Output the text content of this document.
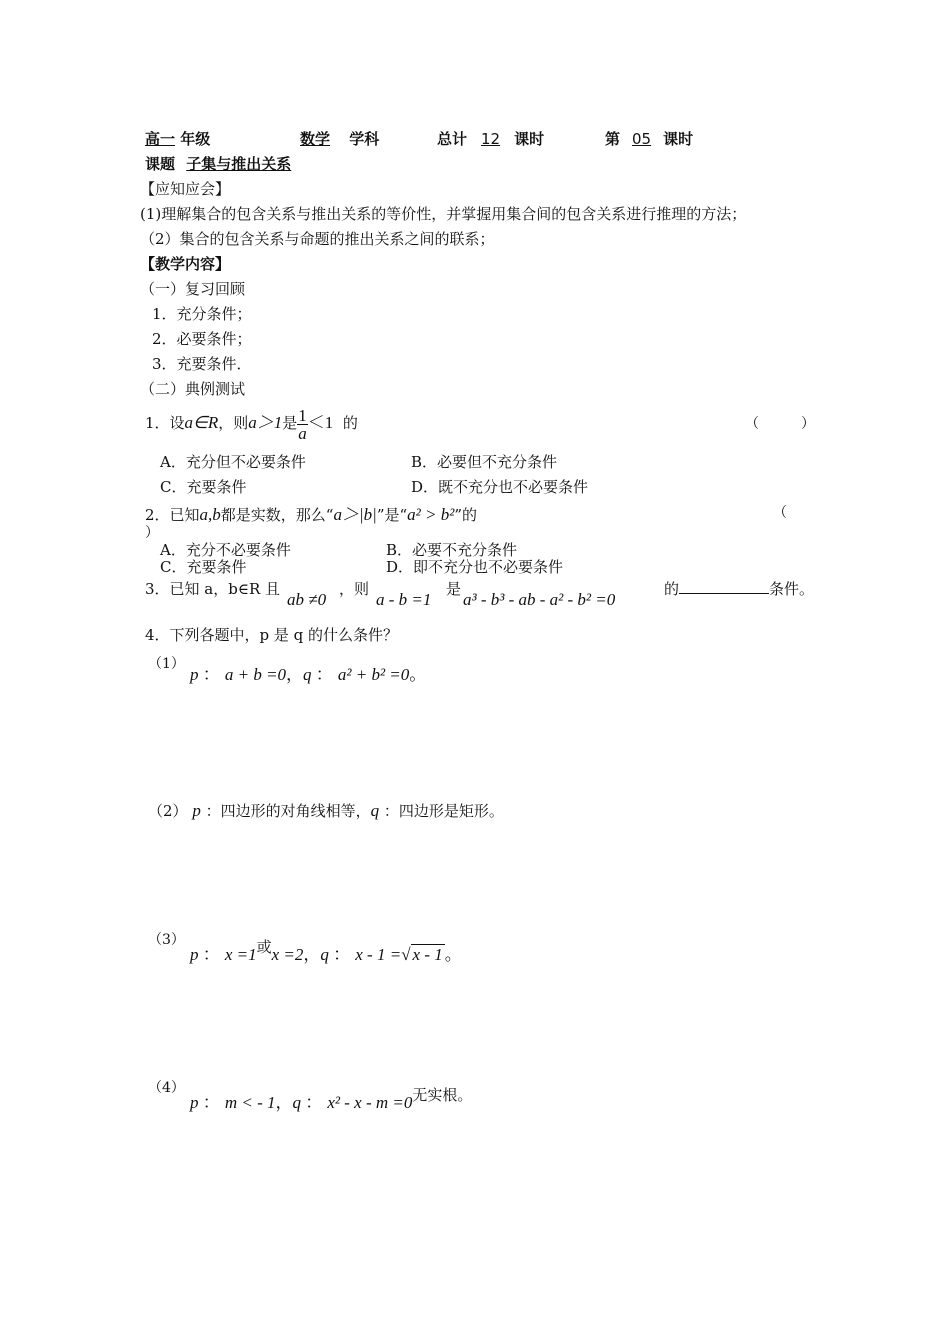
高一 年级	数学 学科	总计 12 课时	第 05 课时
课题 子集与推出关系
【应知应会】
(1)理解集合的包含关系与推出关系的等价性，并掌握用集合间的包含关系进行推理的方法；
（2）集合的包含关系与命题的推出关系之间的联系；
【教学内容】
（一）复习回顾
1．充分条件；
2．必要条件；
3．充要条件．
（二）典例测试
1．设a∈R，则a＞1是 $\frac{1}{a} <1$ 的	（　　　）
A．充分但不必要条件	B．必要但不充分条件
C．充要条件	D．既不充分也不必要条件
2．已知a,b都是实数，那么“a＞|b|”是“a² > b²”的	（
）
A．充分不必要条件	B．必要不充分条件
C．充要条件	D．即不充分也不必要条件
3．已知 a，b∈R 且
ab ≠0
，则
a - b =1
是
a³ - b³ - ab - a² - b² =0
的	条件。
4．下列各题中，p 是 q 的什么条件？
（1）
p ： a + b =0，q ： a² + b² =0。
（2） p ：四边形的对角线相等，q ：四边形是矩形。
（3）
p ： x =1或x =2，q ： x - 1 =√ x - 1 。
（4）
p ： m < - 1，q ： x² - x - m =0无实根。
